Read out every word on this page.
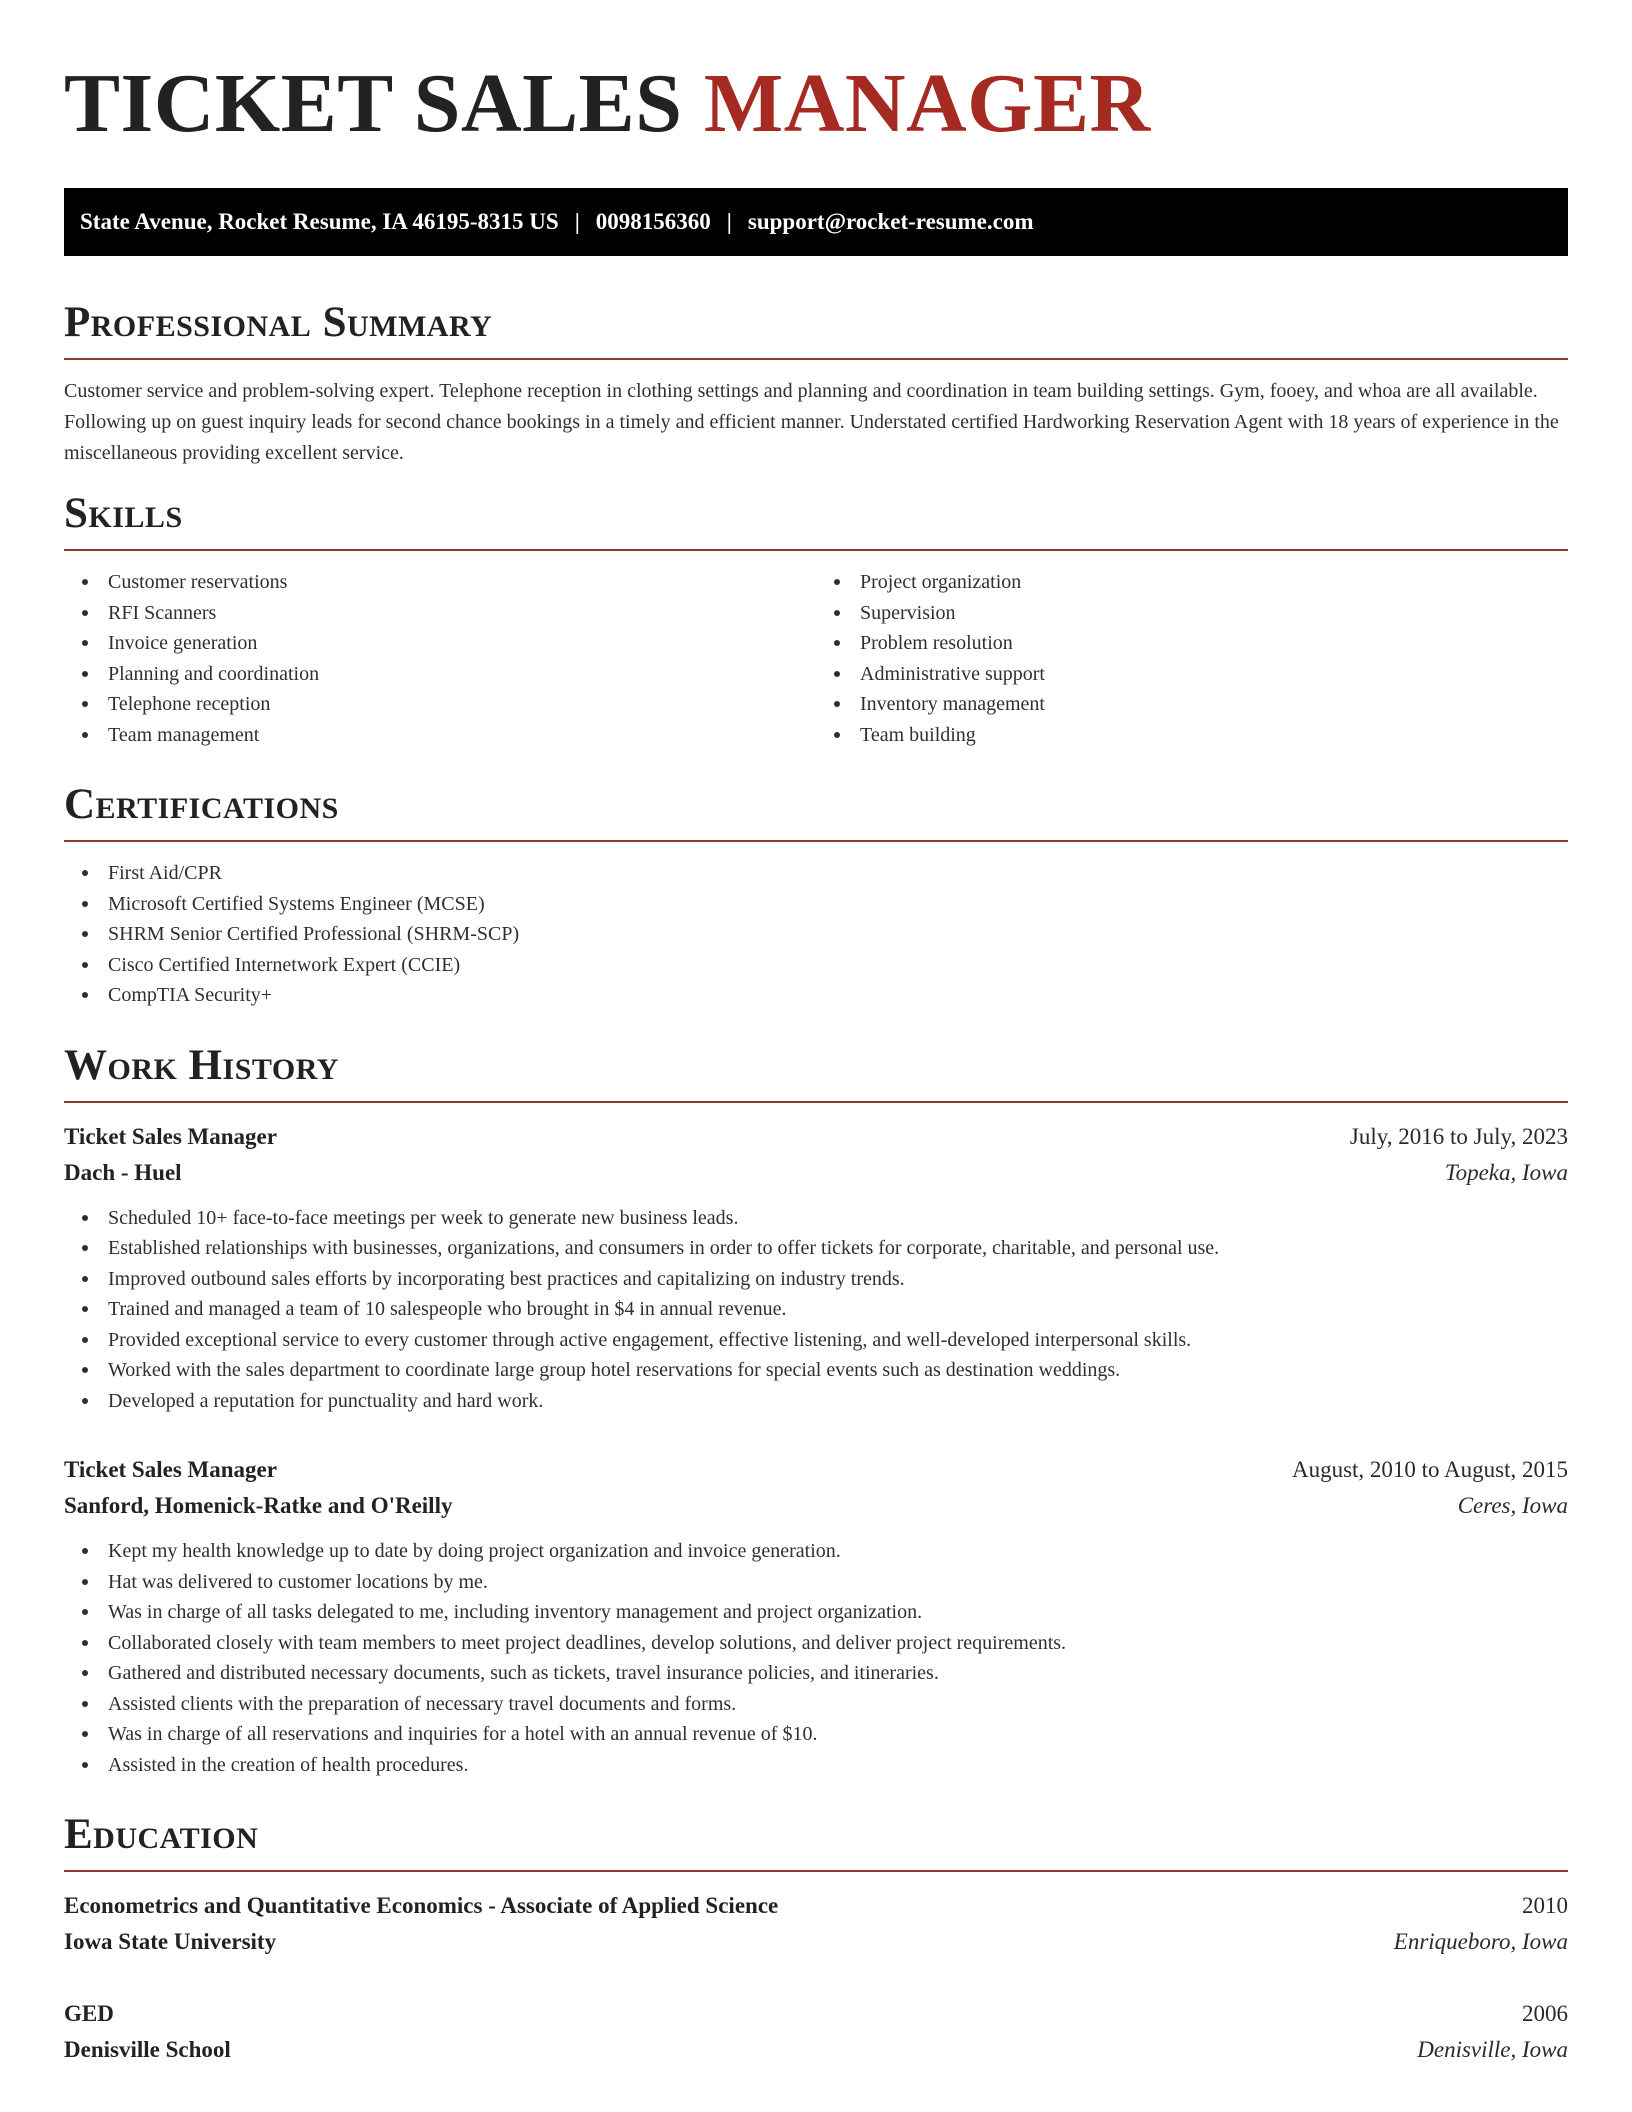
TICKET SALES MANAGER
State Avenue, Rocket Resume, IA 46195-8315 US | 0098156360 | support@rocket-resume.com
Professional Summary

Customer service and problem-solving expert. Telephone reception in clothing settings and planning and coordination in team building settings. Gym, fooey, and whoa are all available. Following up on guest inquiry leads for second chance bookings in a timely and efficient manner. Understated certified Hardworking Reservation Agent with 18 years of experience in the miscellaneous providing excellent service.

Skills
Customer reservations
RFI Scanners
Invoice generation
Planning and coordination
Telephone reception
Team management
Project organization
Supervision
Problem resolution
Administrative support
Inventory management
Team building
Certifications
First Aid/CPR
Microsoft Certified Systems Engineer (MCSE)
SHRM Senior Certified Professional (SHRM-SCP)
Cisco Certified Internetwork Expert (CCIE)
CompTIA Security+
Work History
Ticket Sales Manager	July, 2016 to July, 2023
Dach - Huel	Topeka, Iowa
Scheduled 10+ face-to-face meetings per week to generate new business leads.
Established relationships with businesses, organizations, and consumers in order to offer tickets for corporate, charitable, and personal use.
Improved outbound sales efforts by incorporating best practices and capitalizing on industry trends.
Trained and managed a team of 10 salespeople who brought in $4 in annual revenue.
Provided exceptional service to every customer through active engagement, effective listening, and well-developed interpersonal skills.
Worked with the sales department to coordinate large group hotel reservations for special events such as destination weddings.
Developed a reputation for punctuality and hard work.
Ticket Sales Manager	August, 2010 to August, 2015
Sanford, Homenick-Ratke and O'Reilly	Ceres, Iowa
Kept my health knowledge up to date by doing project organization and invoice generation.
Hat was delivered to customer locations by me.
Was in charge of all tasks delegated to me, including inventory management and project organization.
Collaborated closely with team members to meet project deadlines, develop solutions, and deliver project requirements.
Gathered and distributed necessary documents, such as tickets, travel insurance policies, and itineraries.
Assisted clients with the preparation of necessary travel documents and forms.
Was in charge of all reservations and inquiries for a hotel with an annual revenue of $10.
Assisted in the creation of health procedures.
Education
Econometrics and Quantitative Economics - Associate of Applied Science	2010
Iowa State University	Enriqueboro, Iowa
GED	2006
Denisville School	Denisville, Iowa
